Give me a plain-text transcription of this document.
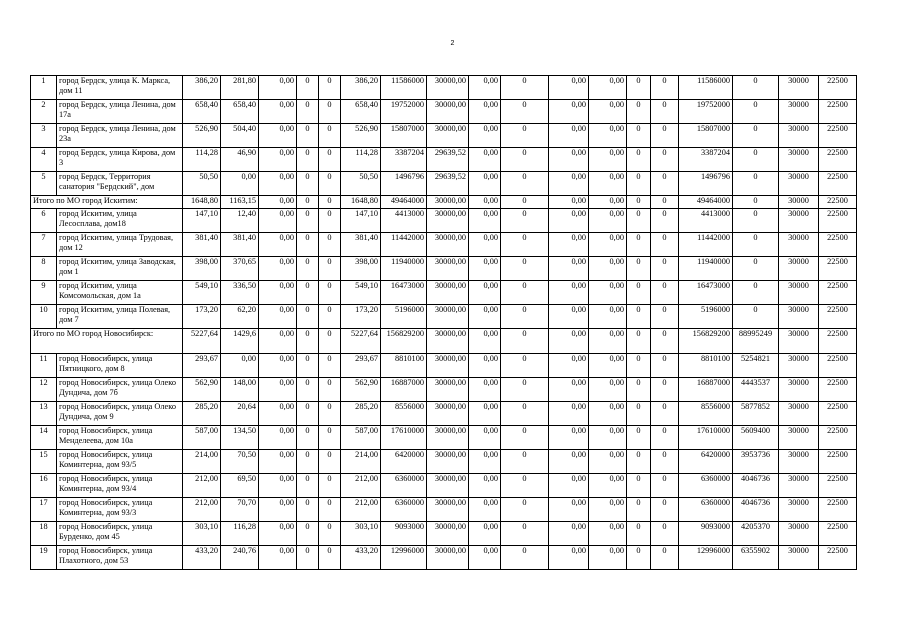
2
1	город Бердск, улица К. Маркса, дом 11	386,20	281,80	0,00	0	0	386,20	11586000	30000,00	0,00	0	0,00	0,00	0	0	11586000	0	30000	22500
2	город Бердск, улица Ленина, дом 17а	658,40	658,40	0,00	0	0	658,40	19752000	30000,00	0,00	0	0,00	0,00	0	0	19752000	0	30000	22500
3	город Бердск, улица Ленина, дом 23а	526,90	504,40	0,00	0	0	526,90	15807000	30000,00	0,00	0	0,00	0,00	0	0	15807000	0	30000	22500
4	город Бердск, улица Кирова, дом 3	114,28	46,90	0,00	0	0	114,28	3387204	29639,52	0,00	0	0,00	0,00	0	0	3387204	0	30000	22500
5	город Бердск, Территория санатория "Бердский", дом	50,50	0,00	0,00	0	0	50,50	1496796	29639,52	0,00	0	0,00	0,00	0	0	1496796	0	30000	22500
Итого по МО город Искитим:		1648,80	1163,15	0,00	0	0	1648,80	49464000	30000,00	0,00	0	0,00	0,00	0	0	49464000	0	30000	22500
6	город Искитим, улица Лесосплава, дом18	147,10	12,40	0,00	0	0	147,10	4413000	30000,00	0,00	0	0,00	0,00	0	0	4413000	0	30000	22500
7	город Искитим, улица Трудовая, дом 12	381,40	381,40	0,00	0	0	381,40	11442000	30000,00	0,00	0	0,00	0,00	0	0	11442000	0	30000	22500
8	город Искитим, улица Заводская, дом 1	398,00	370,65	0,00	0	0	398,00	11940000	30000,00	0,00	0	0,00	0,00	0	0	11940000	0	30000	22500
9	город Искитим, улица Комсомольская, дом 1а	549,10	336,50	0,00	0	0	549,10	16473000	30000,00	0,00	0	0,00	0,00	0	0	16473000	0	30000	22500
10	город Искитим, улица Полевая, дом 7	173,20	62,20	0,00	0	0	173,20	5196000	30000,00	0,00	0	0,00	0,00	0	0	5196000	0	30000	22500
Итого по МО город Новосибирск:		5227,64	1429,6	0,00	0	0	5227,64	156829200	30000,00	0,00	0	0,00	0,00	0	0	156829200	88995249	30000	22500
11	город Новосибирск, улица Пятницкого, дом 8	293,67	0,00	0,00	0	0	293,67	8810100	30000,00	0,00	0	0,00	0,00	0	0	8810100	5254821	30000	22500
12	город Новосибирск, улица Олеко Дундича, дом 7б	562,90	148,00	0,00	0	0	562,90	16887000	30000,00	0,00	0	0,00	0,00	0	0	16887000	4443537	30000	22500
13	город Новосибирск, улица Олеко Дундича, дом 9	285,20	20,64	0,00	0	0	285,20	8556000	30000,00	0,00	0	0,00	0,00	0	0	8556000	5877852	30000	22500
14	город Новосибирск, улица Менделеева, дом 10а	587,00	134,50	0,00	0	0	587,00	17610000	30000,00	0,00	0	0,00	0,00	0	0	17610000	5609400	30000	22500
15	город Новосибирск, улица Коминтерна, дом 93/5	214,00	70,50	0,00	0	0	214,00	6420000	30000,00	0,00	0	0,00	0,00	0	0	6420000	3953736	30000	22500
16	город Новосибирск, улица Коминтерна, дом 93/4	212,00	69,50	0,00	0	0	212,00	6360000	30000,00	0,00	0	0,00	0,00	0	0	6360000	4046736	30000	22500
17	город Новосибирск, улица Коминтерна, дом 93/3	212,00	70,70	0,00	0	0	212,00	6360000	30000,00	0,00	0	0,00	0,00	0	0	6360000	4046736	30000	22500
18	город Новосибирск, улица Бурденко, дом 45	303,10	116,28	0,00	0	0	303,10	9093000	30000,00	0,00	0	0,00	0,00	0	0	9093000	4205370	30000	22500
19	город Новосибирск, улица Плахотного, дом 53	433,20	240,76	0,00	0	0	433,20	12996000	30000,00	0,00	0	0,00	0,00	0	0	12996000	6355902	30000	22500
